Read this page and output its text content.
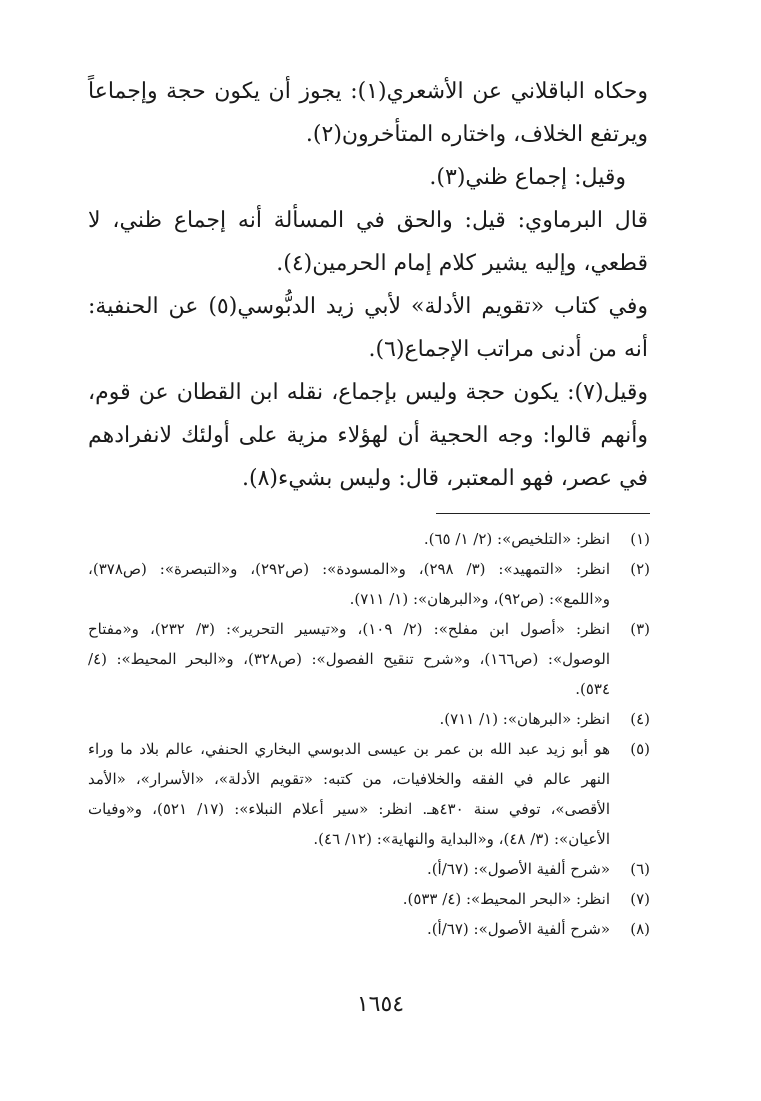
وحكاه الباقلاني عن الأشعري(١): يجوز أن يكون حجة وإجماعاً ويرتفع الخلاف، واختاره المتأخرون(٢).

وقيل: إجماع ظني(٣).

قال البرماوي: قيل: والحق في المسألة أنه إجماع ظني، لا قطعي، وإليه يشير كلام إمام الحرمين(٤).

وفي كتاب «تقويم الأدلة» لأبي زيد الدبُّوسي(٥) عن الحنفية: أنه من أدنى مراتب الإجماع(٦).

وقيل(٧): يكون حجة وليس بإجماع، نقله ابن القطان عن قوم، وأنهم قالوا: وجه الحجية أن لهؤلاء مزية على أولئك لانفرادهم في عصر، فهو المعتبر، قال: وليس بشيء(٨).

(١)
انظر: «التلخيص»: (٢/ ١/ ٦٥).
(٢)
انظر: «التمهيد»: (٣/ ٢٩٨)، و«المسودة»: (ص٢٩٢)، و«التبصرة»: (ص٣٧٨)، و«اللمع»: (ص٩٢)، و«البرهان»: (١/ ٧١١).
(٣)
انظر: «أصول ابن مفلح»: (٢/ ١٠٩)، و«تيسير التحرير»: (٣/ ٢٣٢)، و«مفتاح الوصول»: (ص١٦٦)، و«شرح تنقيح الفصول»: (ص٣٢٨)، و«البحر المحيط»: (٤/ ٥٣٤).
(٤)
انظر: «البرهان»: (١/ ٧١١).
(٥)
هو أبو زيد عبد الله بن عمر بن عيسى الدبوسي البخاري الحنفي، عالم بلاد ما وراء النهر عالم في الفقه والخلافيات، من كتبه: «تقويم الأدلة»، «الأسرار»، «الأمد الأقصى»، توفي سنة ٤٣٠هـ. انظر: «سير أعلام النبلاء»: (١٧/ ٥٢١)، و«وفيات الأعيان»: (٣/ ٤٨)، و«البداية والنهاية»: (١٢/ ٤٦).
(٦)
«شرح ألفية الأصول»: (٦٧/أ).
(٧)
انظر: «البحر المحيط»: (٤/ ٥٣٣).
(٨)
«شرح ألفية الأصول»: (٦٧/أ).
١٦٥٤
